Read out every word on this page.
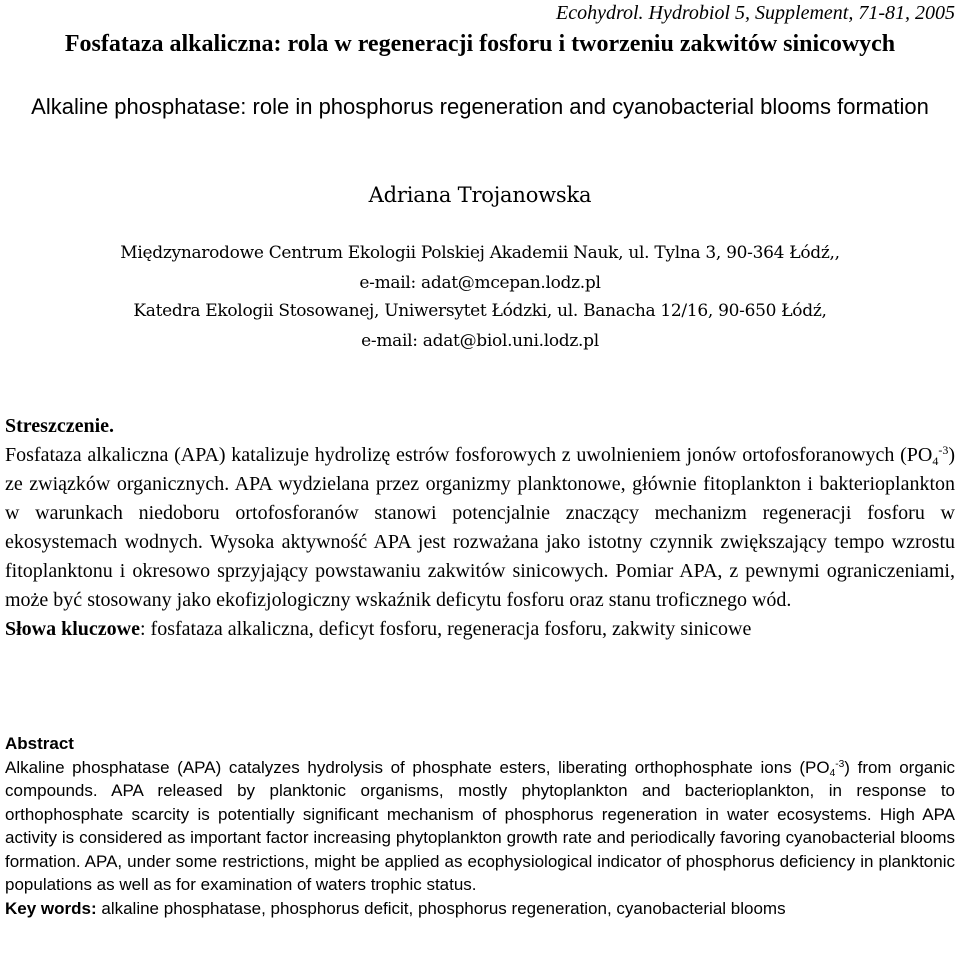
Ecohydrol. Hydrobiol 5, Supplement, 71-81, 2005
Fosfataza alkaliczna: rola w regeneracji fosforu i tworzeniu zakwitów sinicowych
Alkaline phosphatase: role in phosphorus regeneration and cyanobacterial blooms formation
Adriana Trojanowska

Międzynarodowe Centrum Ekologii Polskiej Akademii Nauk, ul. Tylna 3, 90-364 Łódź,,

e-mail: adat@mcepan.lodz.pl

Katedra Ekologii Stosowanej, Uniwersytet Łódzki, ul. Banacha 12/16, 90-650 Łódź,

e-mail: adat@biol.uni.lodz.pl

Streszczenie.

Fosfataza alkaliczna (APA) katalizuje hydrolizę estrów fosforowych z uwolnieniem jonów ortofosforanowych $(PO_4^{-3})$ ze związków organicznych. APA wydzielana przez organizmy planktonowe, głównie fitoplankton i bakterioplankton w warunkach niedoboru ortofosforanów stanowi potencjalnie znaczący mechanizm regeneracji fosforu w ekosystemach wodnych. Wysoka aktywność APA jest rozważana jako istotny czynnik zwiększający tempo wzrostu fitoplanktonu i okresowo sprzyjający powstawaniu zakwitów sinicowych. Pomiar APA, z pewnymi ograniczeniami, może być stosowany jako ekofizjologiczny wskaźnik deficytu fosforu oraz stanu troficznego wód.

Słowa kluczowe: fosfataza alkaliczna, deficyt fosforu, regeneracja fosforu, zakwity sinicowe

Abstract

Alkaline phosphatase (APA) catalyzes hydrolysis of phosphate esters, liberating orthophosphate ions $(PO_4^{-3})$ from organic compounds. APA released by planktonic organisms, mostly phytoplankton and bacterioplankton, in response to orthophosphate scarcity is potentially significant mechanism of phosphorus regeneration in water ecosystems. High APA activity is considered as important factor increasing phytoplankton growth rate and periodically favoring cyanobacterial blooms formation. APA, under some restrictions, might be applied as ecophysiological indicator of phosphorus deficiency in planktonic populations as well as for examination of waters trophic status.

Key words: alkaline phosphatase, phosphorus deficit, phosphorus regeneration, cyanobacterial blooms
